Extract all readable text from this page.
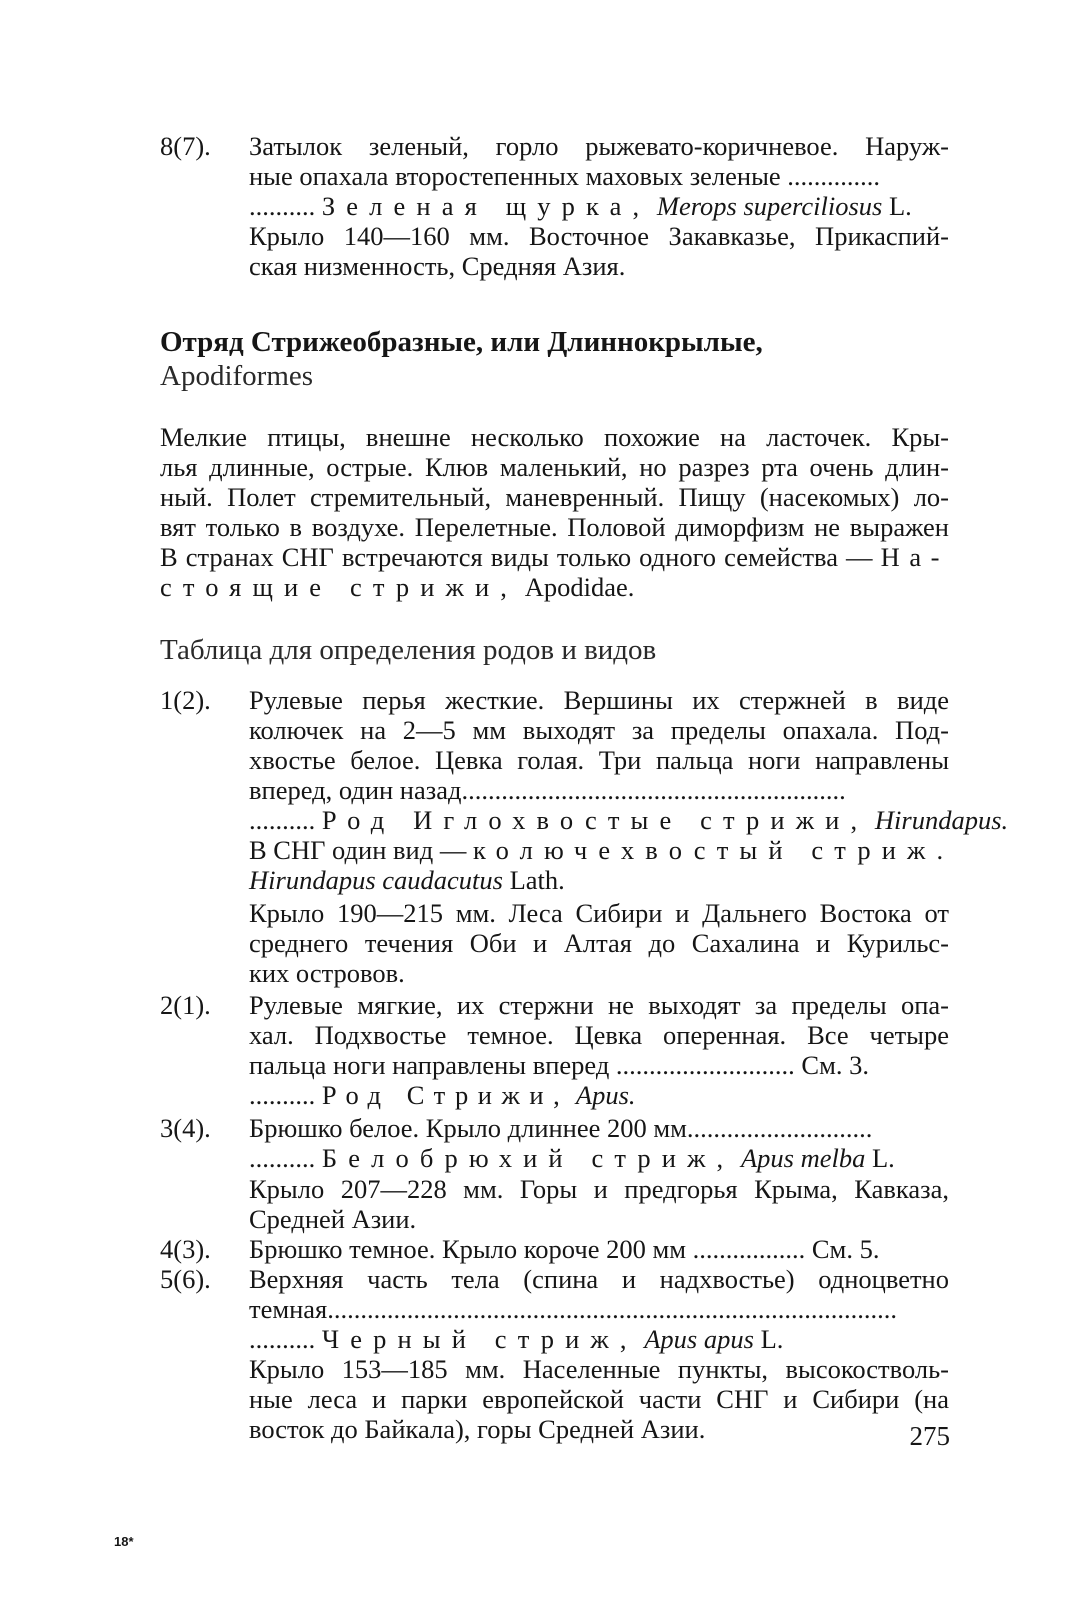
8(7).	Затылок зеленый, горло рыжевато-коричневое. Наруж-
ные опахала второстепенных маховых зеленые ..............
.......... Зеленая щурка, Merops superciliosus L.
Крыло 140—160 мм. Восточное Закавказье, Прикаспий-
ская низменность, Средняя Азия.
Отряд Стрижеобразные, или Длиннокрылые,
Apodiformes
Мелкие птицы, внешне несколько похожие на ласточек. Кры-
лья длинные, острые. Клюв маленький, но разрез рта очень длин-
ный. Полет стремительный, маневренный. Пищу (насекомых) ло-
вят только в воздухе. Перелетные. Половой диморфизм не выражен
В странах СНГ встречаются виды только одного семейства — На-
стоящие стрижи, Apodidae.
Таблица для определения родов и видов
1(2).	Рулевые перья жесткие. Вершины их стержней в виде
колючек на 2—5 мм выходят за пределы опахала. Под-
хвостье белое. Цевка голая. Три пальца ноги направлены
вперед, один назад..........................................................
.......... Род Иглохвостые стрижи, Hirundapus.
В СНГ один вид — колючехвостый стриж.
Hirundapus caudacutus Lath.
Крыло 190—215 мм. Леса Сибири и Дальнего Востока от
среднего течения Оби и Алтая до Сахалина и Курильс-
ких островов.
2(1).	Рулевые мягкие, их стержни не выходят за пределы опа-
хал. Подхвостье темное. Цевка оперенная. Все четыре
пальца ноги направлены вперед ........................... См. 3.
.......... Род Стрижи, Apus.
3(4).	Брюшко белое. Крыло длиннее 200 мм............................
.......... Белобрюхий стриж, Apus melba L.
Крыло 207—228 мм. Горы и предгорья Крыма, Кавказа,
Средней Азии.
4(3).	Брюшко темное. Крыло короче 200 мм ................. См. 5.
5(6).	Верхняя часть тела (спина и надхвостье) одноцветно
темная......................................................................................
.......... Черный стриж, Apus apus L.
Крыло 153—185 мм. Населенные пункты, высокостволь-
ные леса и парки европейской части СНГ и Сибири (на
восток до Байкала), горы Средней Азии.	275
18*
